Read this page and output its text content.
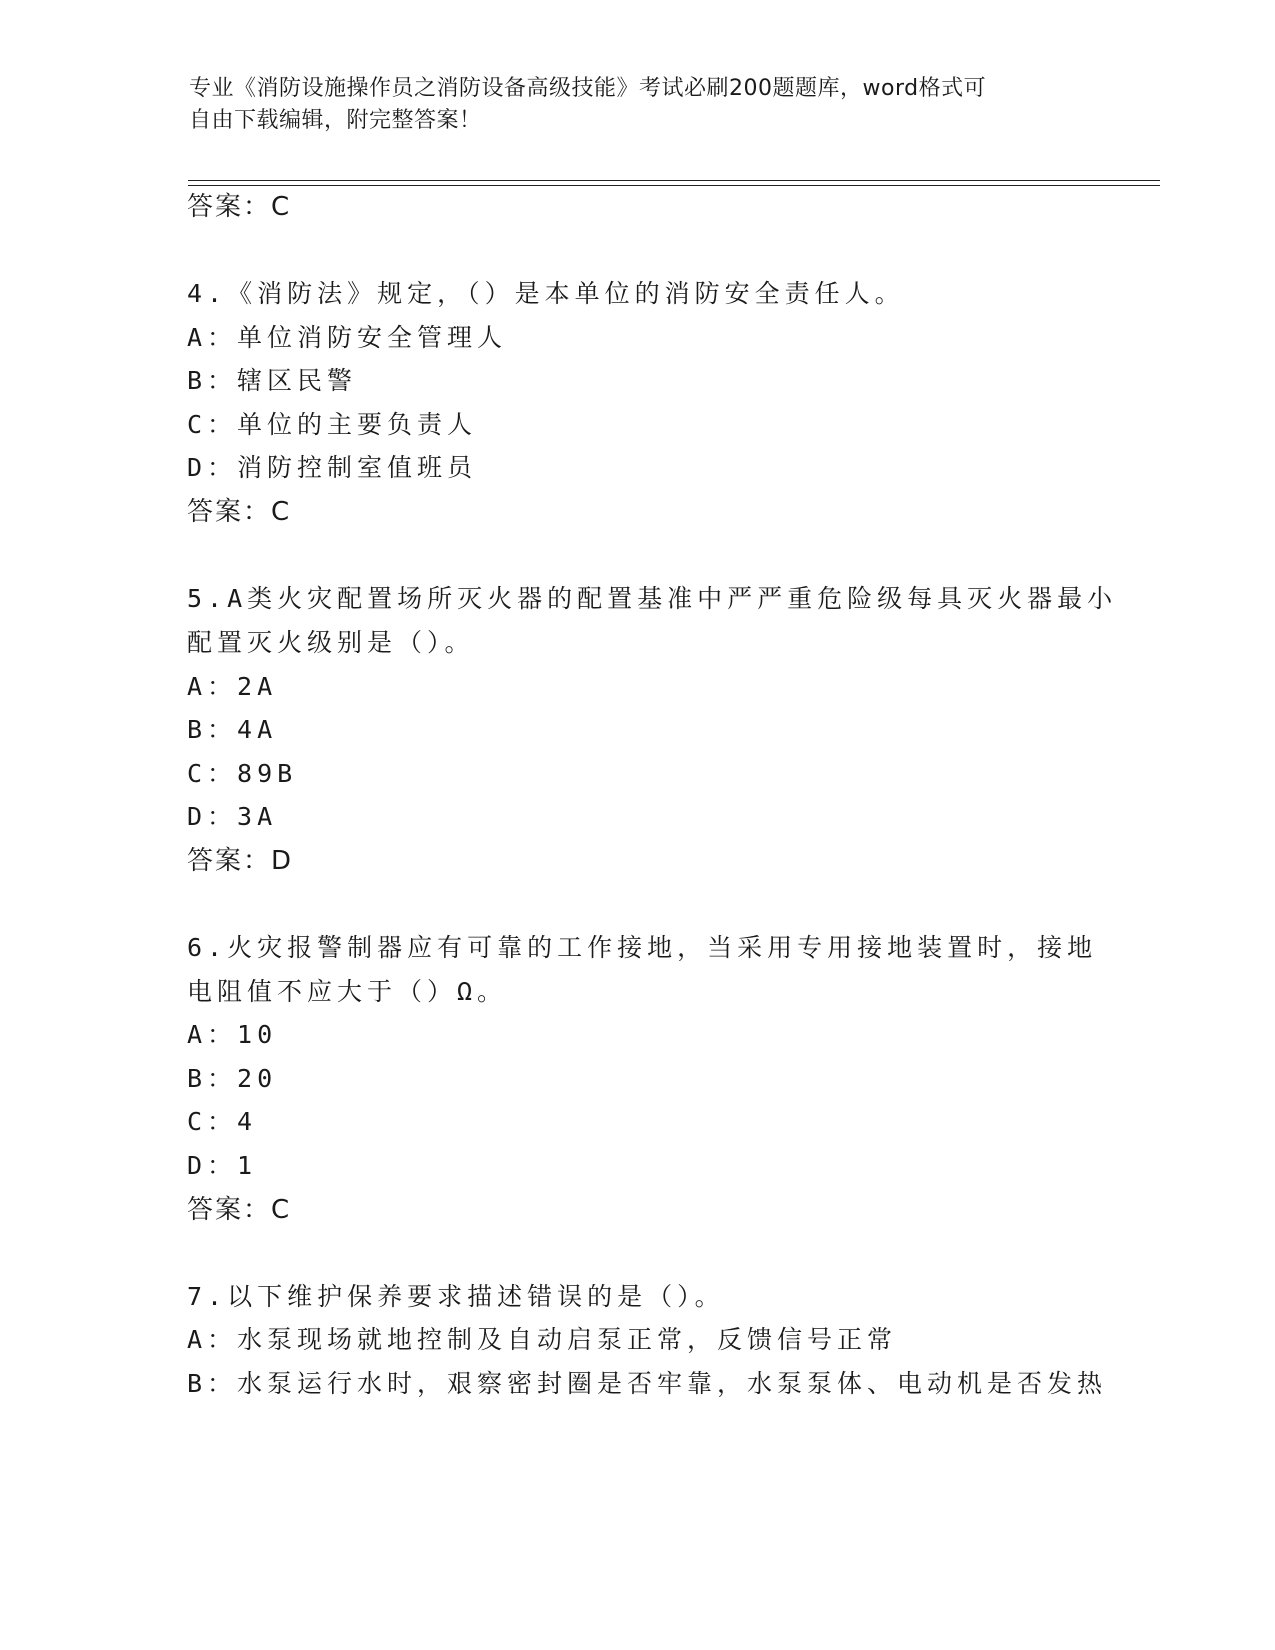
专业《消防设施操作员之消防设备高级技能》考试必刷200题题库，word格式可
自由下载编辑，附完整答案！
答案：C
4.《消防法》规定，（）是本单位的消防安全责任人。
A：单位消防安全管理人
B：辖区民警
C：单位的主要负责人
D：消防控制室值班员
答案：C
5.A类火灾配置场所灭火器的配置基准中严严重危险级每具灭火器最小
配置灭火级别是（）。
A：2A
B：4A
C：89B
D：3A
答案：D
6.火灾报警制器应有可靠的工作接地，当采用专用接地装置时，接地
电阻值不应大于（）Ω。
A：10
B：20
C：4
D：1
答案：C
7.以下维护保养要求描述错误的是（）。
A：水泵现场就地控制及自动启泵正常，反馈信号正常
B：水泵运行水时，艰察密封圈是否牢靠，水泵泵体、电动机是否发热
